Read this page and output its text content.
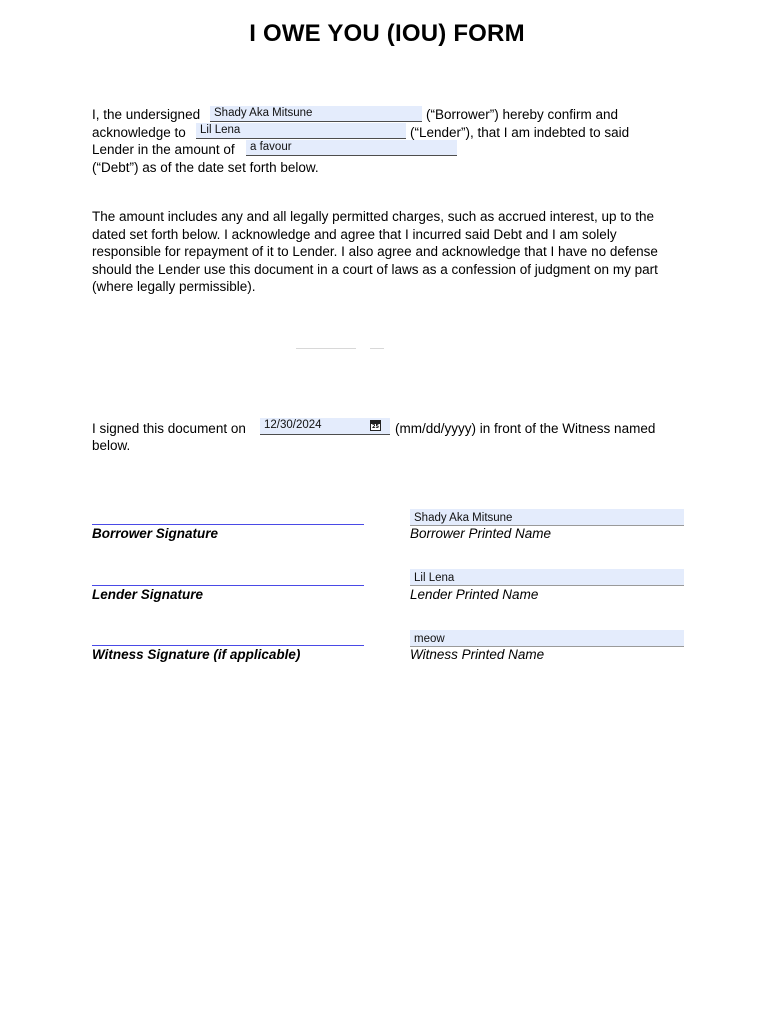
I OWE YOU (IOU) FORM
I, the undersigned	Shady Aka Mitsune	(“Borrower”) hereby confirm and
acknowledge to	Lil Lena	(“Lender”), that I am indebted to said
Lender in the amount of	a favour
(“Debt”) as of the date set forth below.
The amount includes any and all legally permitted charges, such as accrued interest, up to the dated set forth below. I acknowledge and agree that I incurred said Debt and I am solely responsible for repayment of it to Lender. I also agree and acknowledge that I have no defense should the Lender use this document in a court of laws as a confession of judgment on my part (where legally permissible).
I signed this document on	12/30/2024	25 (mm/dd/yyyy) in front of the Witness named
below.
Borrower Signature
Shady Aka Mitsune
Borrower Printed Name
Lender Signature
Lil Lena
Lender Printed Name
Witness Signature (if applicable)
meow
Witness Printed Name
